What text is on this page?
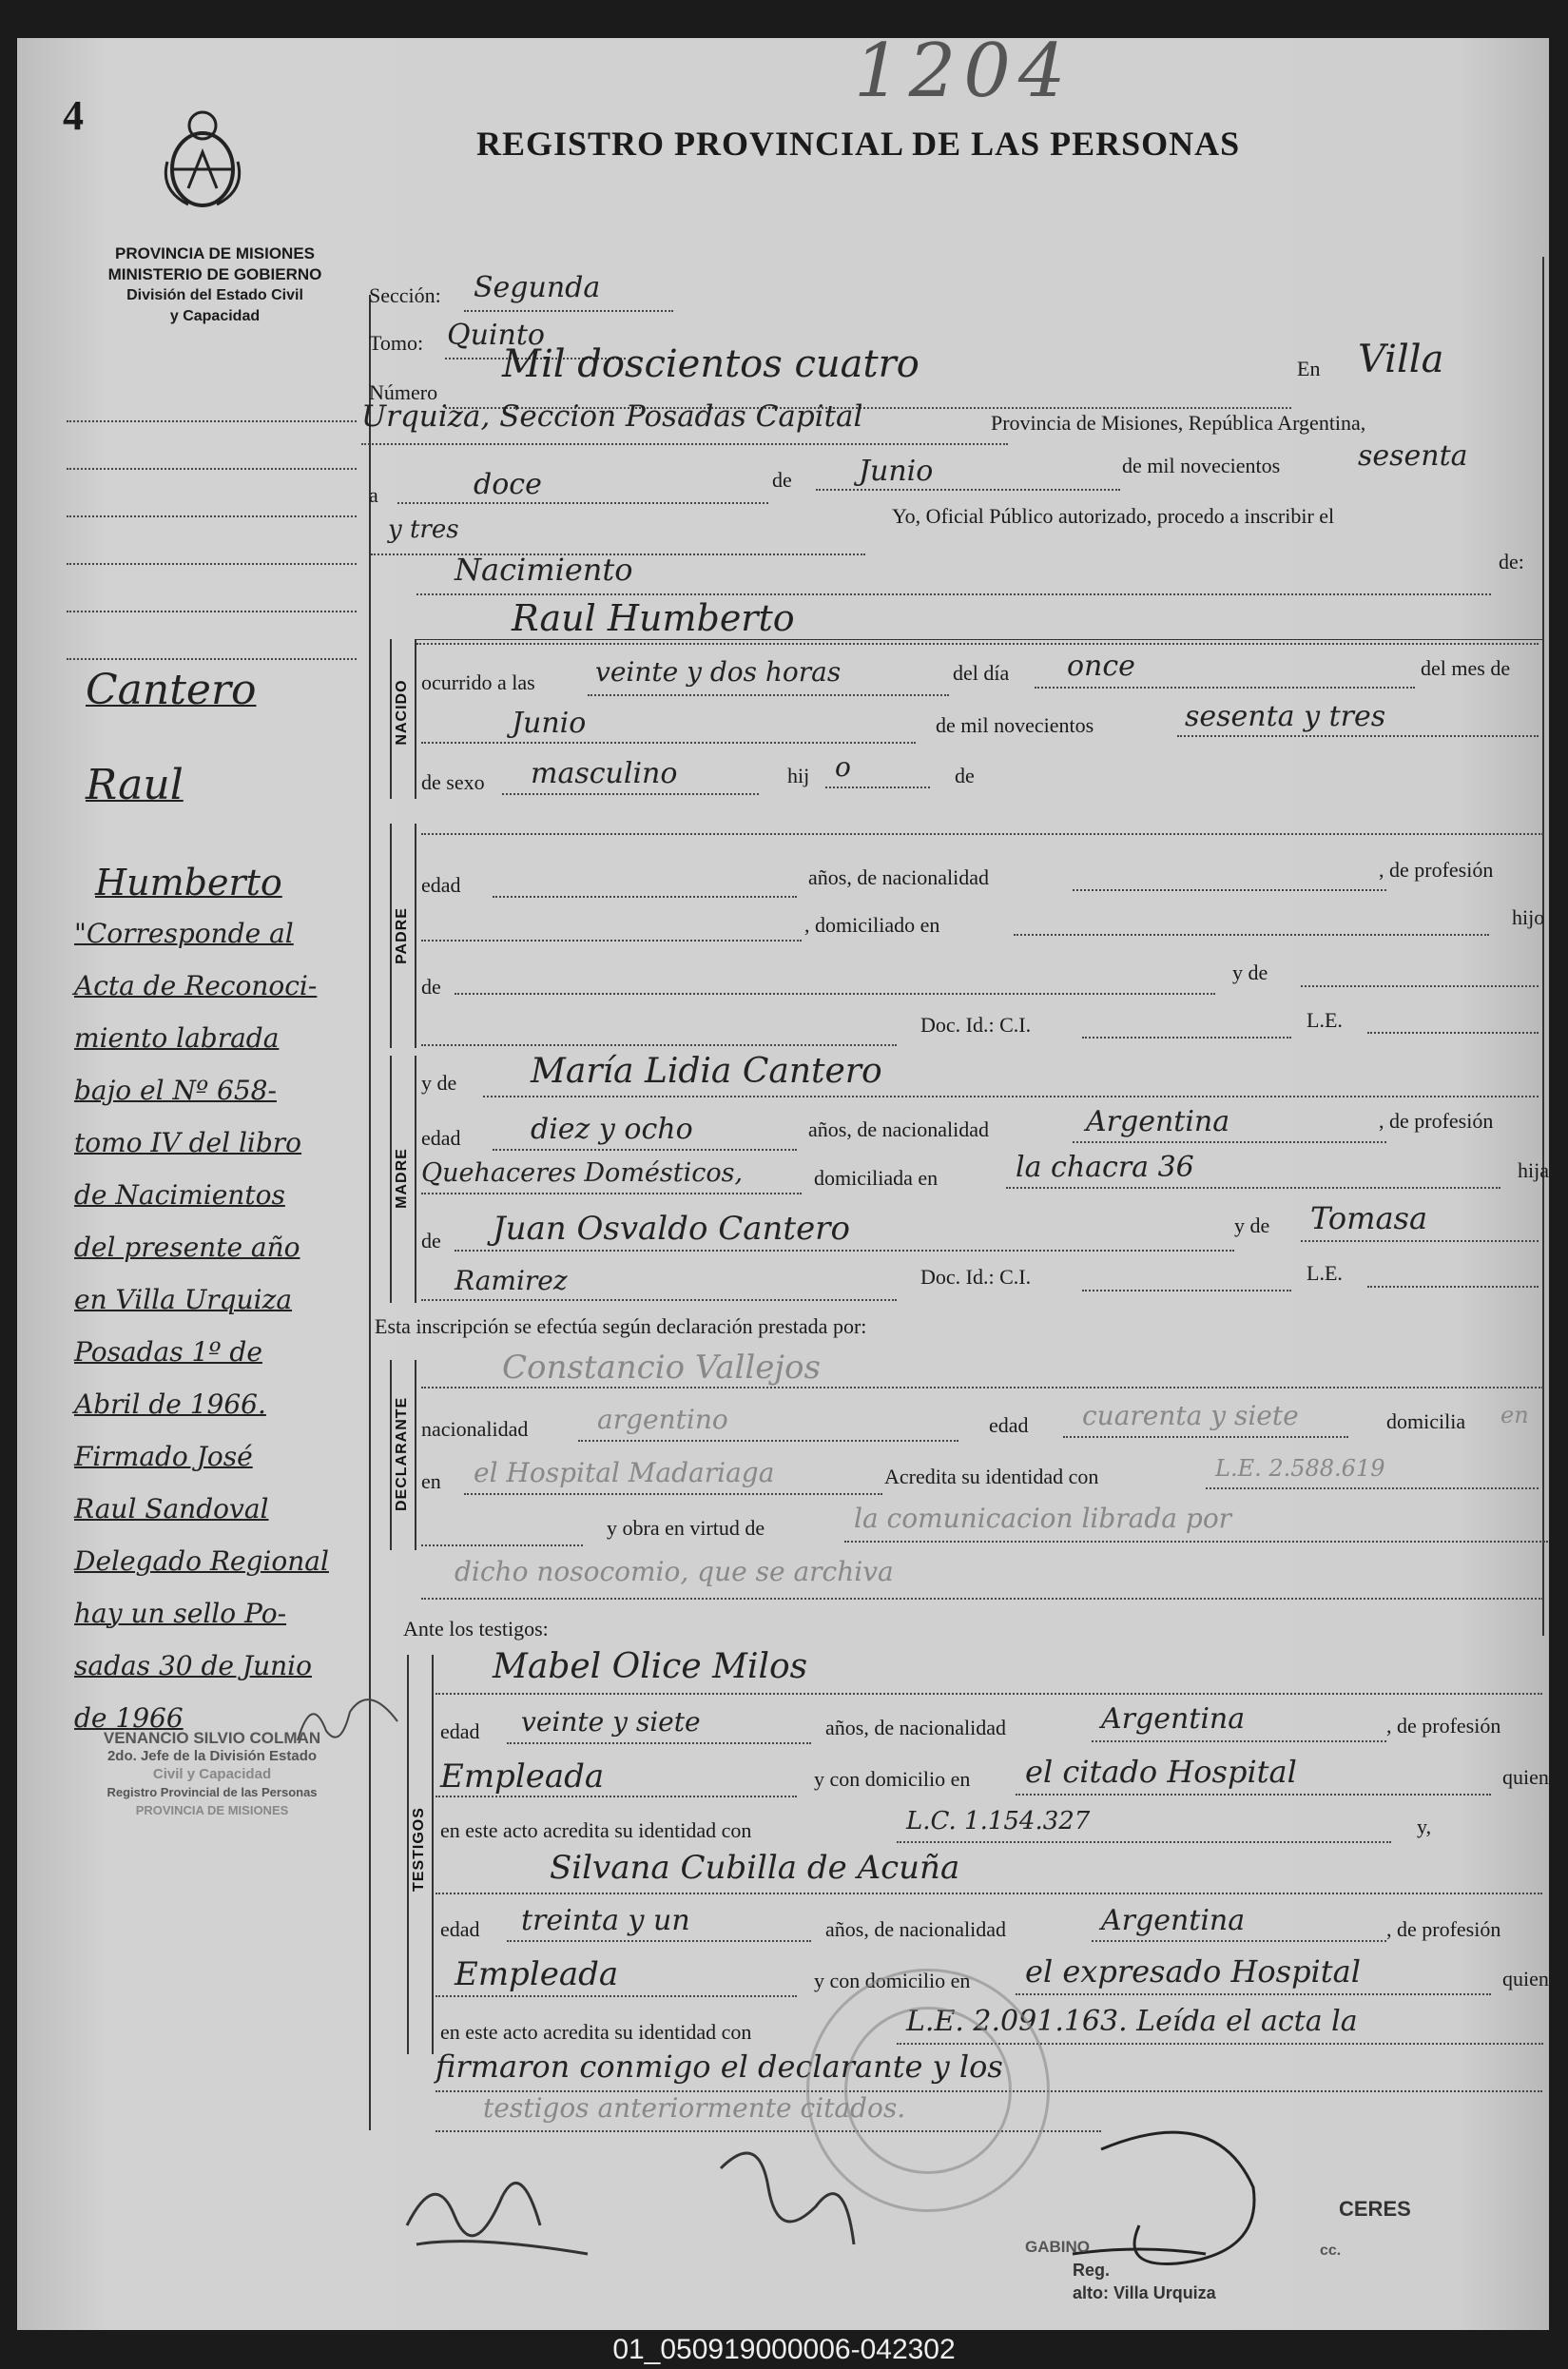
4
1204
REGISTRO PROVINCIAL DE LAS PERSONAS
PROVINCIA DE MISIONES
MINISTERIO DE GOBIERNO
División del Estado Civil
y Capacidad
Cantero
Raul
Humberto
"Corresponde al
Acta de Reconoci-
miento labrada
bajo el Nº 658-
tomo IV del libro
de Nacimientos
del presente año
en Villa Urquiza
Posadas 1º de
Abril de 1966.
Firmado José
Raul Sandoval
Delegado Regional
hay un sello Po-
sadas 30 de Junio
de 1966
VENANCIO SILVIO COLMAN
2do. Jefe de la División Estado
Civil y Capacidad
Registro Provincial de las Personas
PROVINCIA DE MISIONES
Sección: Segunda
Tomo: Quinto
Número
Mil doscientos cuatro	En Villa
Urquiza, Seccion Posadas Capital	Provincia de Misiones, República Argentina,
a	doce	de Junio	de mil novecientos	sesenta
y tres	Yo, Oficial Público autorizado, procedo a inscribir el
Nacimiento	de:
Raul Humberto
NACIDO ocurrido a las veinte y dos horas	del día once	del mes de
Junio	de mil novecientos	sesenta y tres
de sexo masculino	hij o	de
PADRE
edad	años, de nacionalidad	, de profesión
, domiciliado en	hijo
de
y de
Doc. Id.: C.I.	L.E.
MADRE
y de María Lidia Cantero
edad diez y ocho	años, de nacionalidad	Argentina	, de profesión
Quehaceres Domésticos,	domiciliada en	la chacra 36	hija
de Juan Osvaldo Cantero	y de Tomasa
Ramirez	Doc. Id.: C.I.	L.E.
Esta inscripción se efectúa según declaración prestada por:
DECLARANTE
Constancio Vallejos
nacionalidad	argentino	edad cuarenta y siete	domicilia en
en el Hospital Madariaga	Acredita su identidad con	L.E. 2.588.619
y obra en virtud de	la comunicacion librada por
dicho nosocomio, que se archiva
Ante los testigos:
TESTIGOS
Mabel Olice Milos
edad veinte y siete	años, de nacionalidad	Argentina	, de profesión
Empleada	y con domicilio en el citado Hospital	quien
en este acto acredita su identidad con	L.C. 1.154.327	y,
Silvana Cubilla de Acuña
edad treinta y un	años, de nacionalidad	Argentina	, de profesión
Empleada	y con domicilio en el expresado Hospital	quien
en este acto acredita su identidad con	L.E. 2.091.163. Leída el acta la
firmaron conmigo el declarante y los
testigos anteriormente citados.
CERES
GABINO	cc.
Reg.
alto: Villa Urquiza
01_050919000006-042302
